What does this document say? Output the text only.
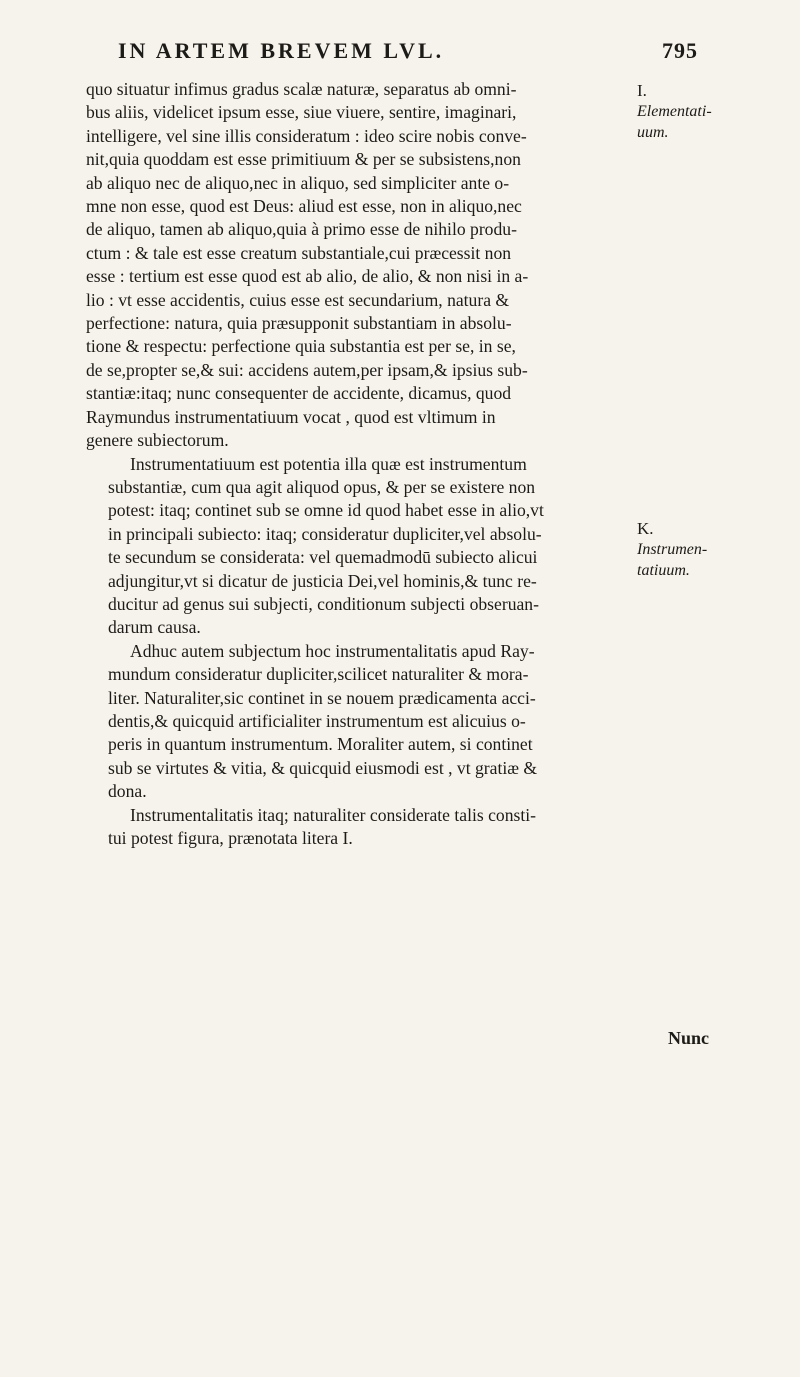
IN ARTEM BREVEM LVL.	795
I.
Elementati-
uum.
K.
Instrumen-
tatiuum.
quo situatur infimus gradus scalæ naturæ, separatus ab omni-
bus aliis, videlicet ipsum esse, siue viuere, sentire, imaginari,
intelligere, vel sine illis consideratum : ideo scire nobis conve-
nit,quia quoddam est esse primitiuum & per se subsistens,non
ab aliquo nec de aliquo,nec in aliquo, sed simpliciter ante o-
mne non esse, quod est Deus: aliud est esse, non in aliquo,nec
de aliquo, tamen ab aliquo,quia à primo esse de nihilo produ-
ctum : & tale est esse creatum substantiale,cui præcessit non
esse : tertium est esse quod est ab alio, de alio, & non nisi in a-
lio : vt esse accidentis, cuius esse est secundarium, natura &
perfectione: natura, quia præsupponit substantiam in absolu-
tione & respectu: perfectione quia substantia est per se, in se,
de se,propter se,& sui: accidens autem,per ipsam,& ipsius sub-
stantiæ:itaq; nunc consequenter de accidente, dicamus, quod
Raymundus instrumentatiuum vocat , quod est vltimum in
genere subiectorum.
Instrumentatiuum est potentia illa quæ est instrumentum
substantiæ, cum qua agit aliquod opus, & per se existere non
potest: itaq; continet sub se omne id quod habet esse in alio,vt
in principali subiecto: itaq; consideratur dupliciter,vel absolu-
te secundum se considerata: vel quemadmodū subiecto alicui
adjungitur,vt si dicatur de justicia Dei,vel hominis,& tunc re-
ducitur ad genus sui subjecti, conditionum subjecti obseruan-
darum causa.
Adhuc autem subjectum hoc instrumentalitatis apud Ray-
mundum consideratur dupliciter,scilicet naturaliter & mora-
liter. Naturaliter,sic continet in se nouem prædicamenta acci-
dentis,& quicquid artificialiter instrumentum est alicuius o-
peris in quantum instrumentum. Moraliter autem, si continet
sub se virtutes & vitia, & quicquid eiusmodi est , vt gratiæ &
dona.
Instrumentalitatis itaq; naturaliter considerate talis consti-
tui potest figura, prænotata litera I.
Nunc
